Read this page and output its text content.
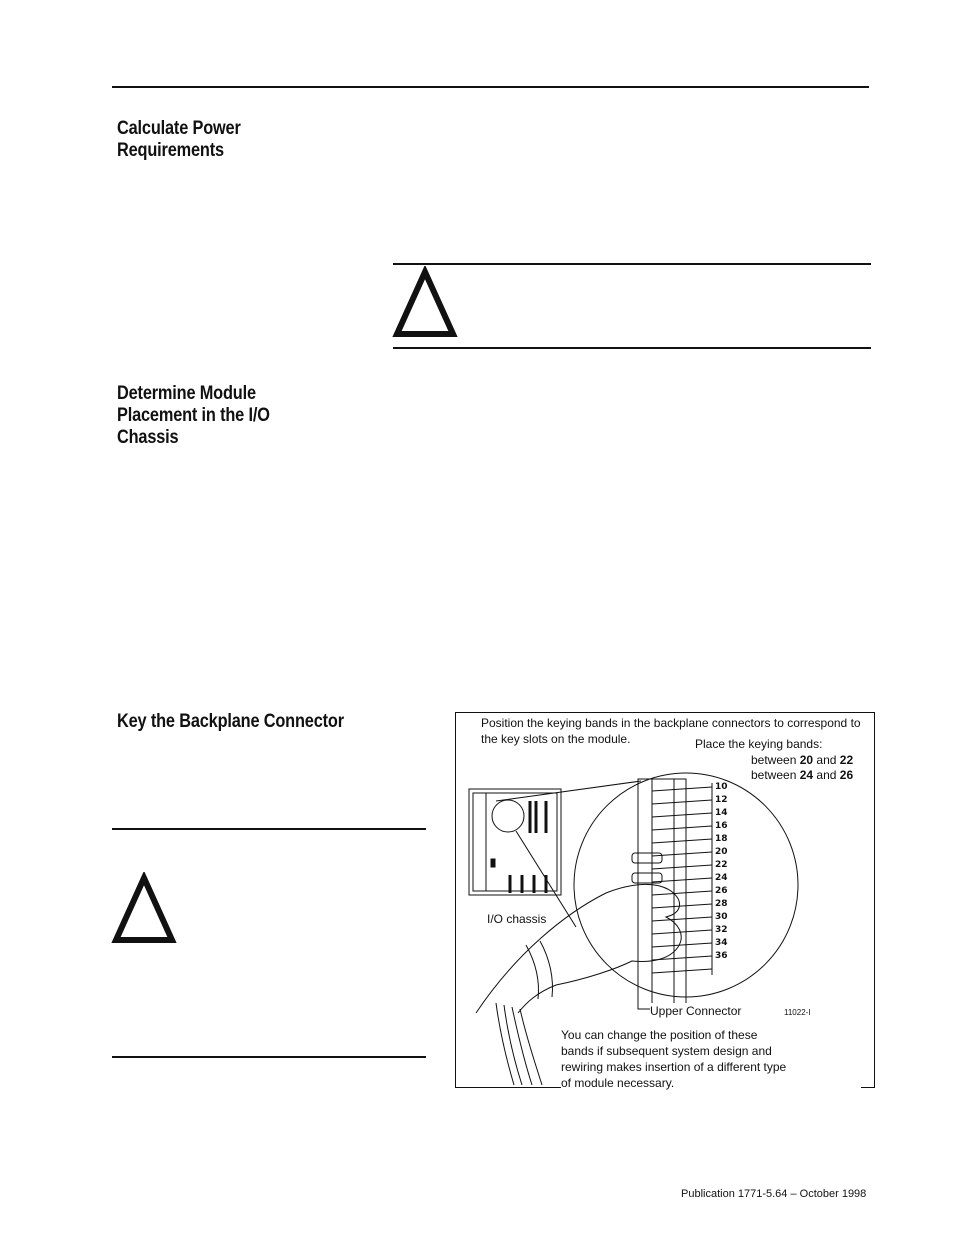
Calculate Power
Requirements
Determine Module
Placement in the I/O
Chassis
Key the Backplane Connector	Position the keying bands in the backplane connectors to correspond to
the key slots on the module.	Place the keying bands:
between 20 and 22
between 24 and 26
10
12
14
16
18
20
22
24
26
28
30
32
34
36
I/O chassis
Upper Connector	11022-I
You can change the position of these
bands if subsequent system design and
rewiring makes insertion of a different type
of module necessary.
Publication 1771-5.64 – October 1998
